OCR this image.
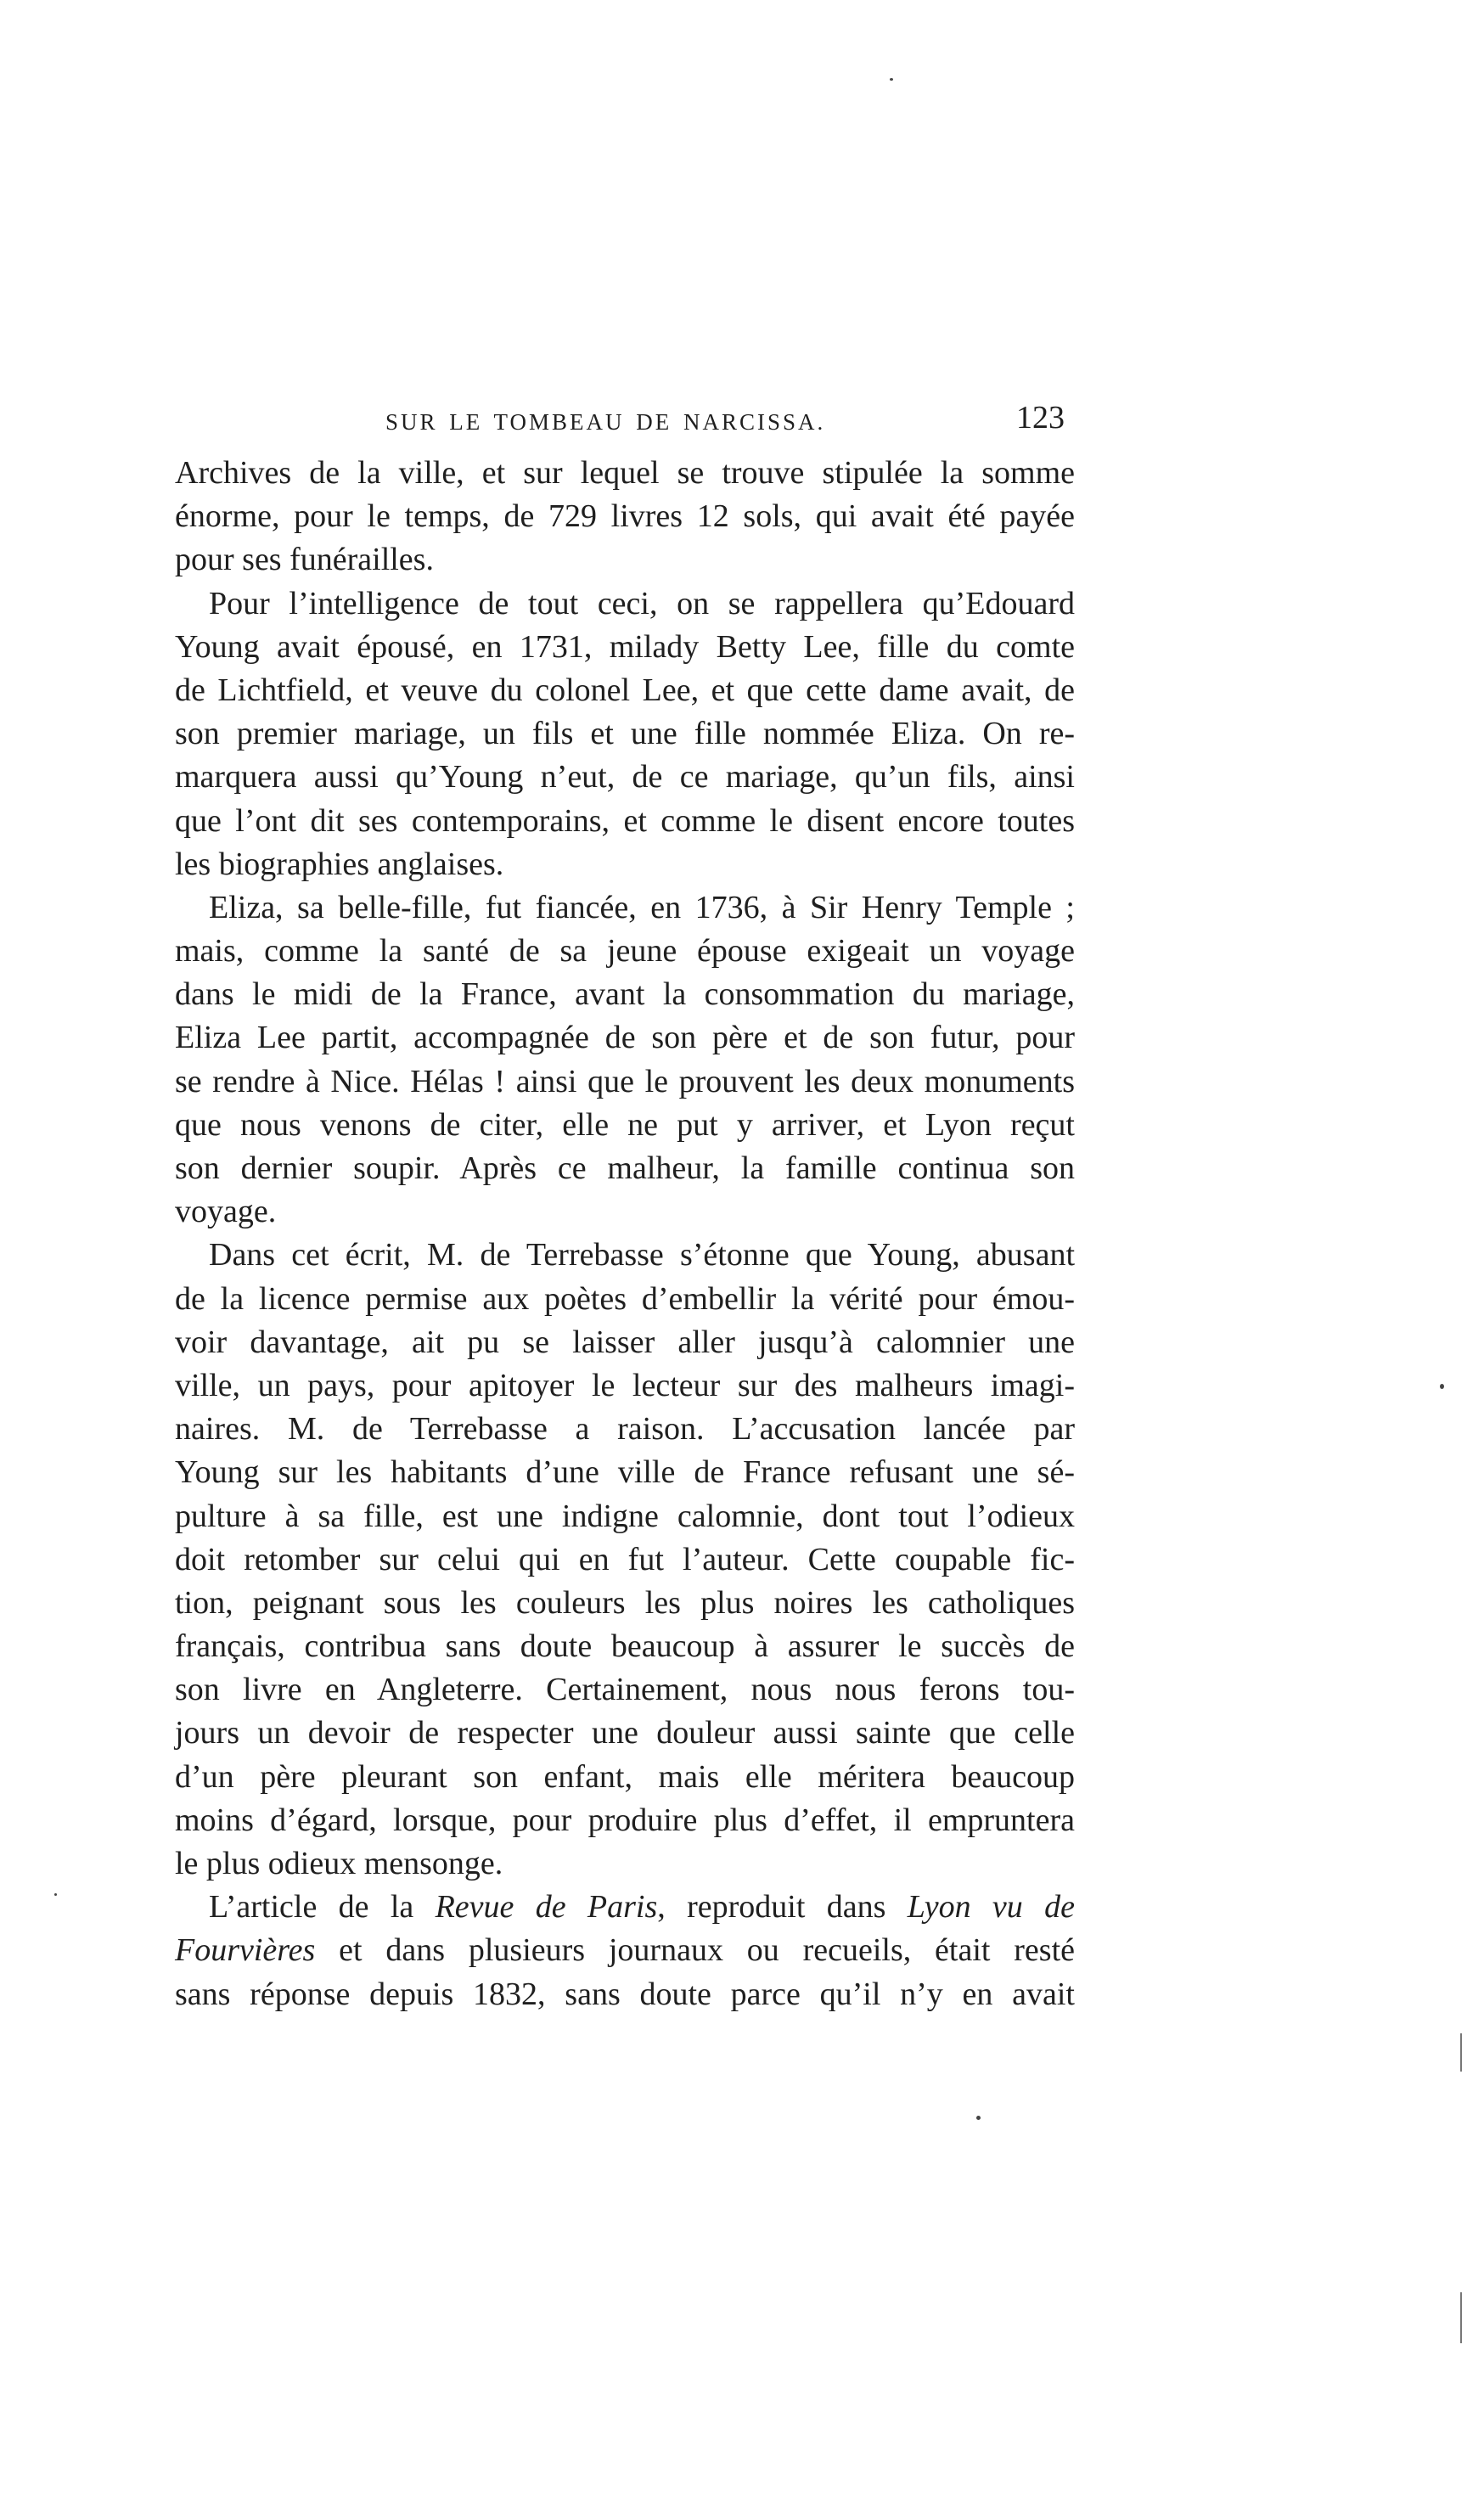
SUR LE TOMBEAU DE NARCISSA.	123
Archives de la ville, et sur lequel se trouve stipulée la somme
énorme, pour le temps, de 729 livres 12 sols, qui avait été payée
pour ses funérailles.
Pour l’intelligence de tout ceci, on se rappellera qu’Edouard
Young avait épousé, en 1731, milady Betty Lee, fille du comte
de Lichtfield, et veuve du colonel Lee, et que cette dame avait, de
son premier mariage, un fils et une fille nommée Eliza. On re-
marquera aussi qu’Young n’eut, de ce mariage, qu’un fils, ainsi
que l’ont dit ses contemporains, et comme le disent encore toutes
les biographies anglaises.
Eliza, sa belle-fille, fut fiancée, en 1736, à Sir Henry Temple ;
mais, comme la santé de sa jeune épouse exigeait un voyage
dans le midi de la France, avant la consommation du mariage,
Eliza Lee partit, accompagnée de son père et de son futur, pour
se rendre à Nice. Hélas ! ainsi que le prouvent les deux monuments
que nous venons de citer, elle ne put y arriver, et Lyon reçut
son dernier soupir. Après ce malheur, la famille continua son
voyage.
Dans cet écrit, M. de Terrebasse s’étonne que Young, abusant
de la licence permise aux poètes d’embellir la vérité pour émou-
voir davantage, ait pu se laisser aller jusqu’à calomnier une
ville, un pays, pour apitoyer le lecteur sur des malheurs imagi-
naires. M. de Terrebasse a raison. L’accusation lancée par
Young sur les habitants d’une ville de France refusant une sé-
pulture à sa fille, est une indigne calomnie, dont tout l’odieux
doit retomber sur celui qui en fut l’auteur. Cette coupable fic-
tion, peignant sous les couleurs les plus noires les catholiques
français, contribua sans doute beaucoup à assurer le succès de
son livre en Angleterre. Certainement, nous nous ferons tou-
jours un devoir de respecter une douleur aussi sainte que celle
d’un père pleurant son enfant, mais elle méritera beaucoup
moins d’égard, lorsque, pour produire plus d’effet, il empruntera
le plus odieux mensonge.
L’article de la Revue de Paris, reproduit dans Lyon vu de
Fourvières et dans plusieurs journaux ou recueils, était resté
sans réponse depuis 1832, sans doute parce qu’il n’y en avait
